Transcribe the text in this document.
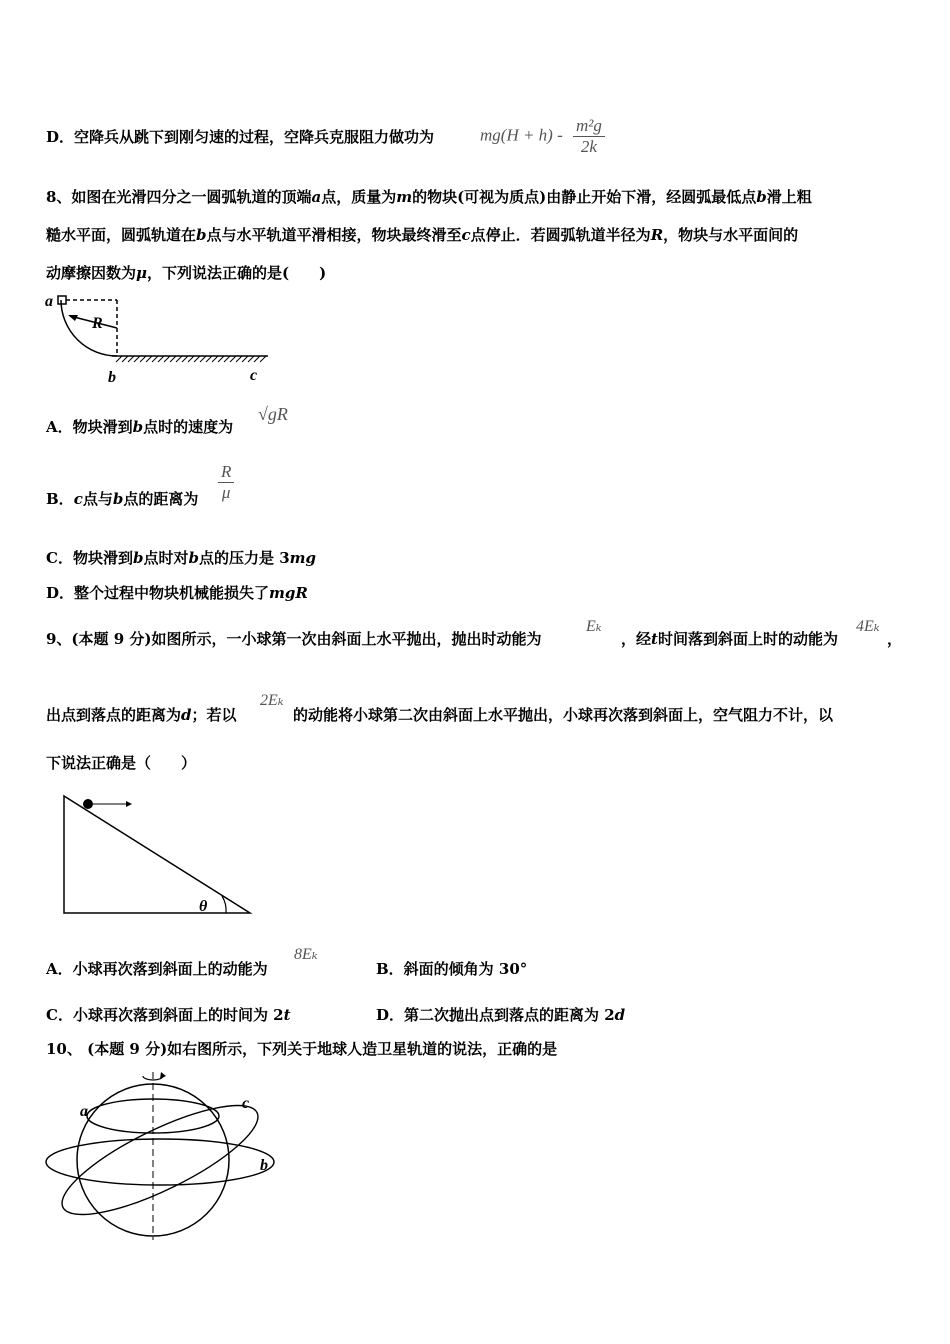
D．空降兵从跳下到刚匀速的过程，空降兵克服阻力做功为	$mg(H + h) - \frac{\text{m²g}}{2k}$
8、如图在光滑四分之一圆弧轨道的顶端a点，质量为m的物块(可视为质点)由静止开始下滑，经圆弧最低点b滑上粗
糙水平面，圆弧轨道在b点与水平轨道平滑相接，物块最终滑至c点停止．若圆弧轨道半径为R，物块与水平面间的
动摩擦因数为μ，下列说法正确的是(　　)
a
R
b	c
A．物块滑到b点时的速度为
√gR
B．c点与b点的距离为 $\frac{R}{\mu}$
C．物块滑到b点时对b点的压力是 3mg
D．整个过程中物块机械能损失了mgR
9、(本题 9 分)如图所示，一小球第一次由斜面上水平抛出，抛出时动能为
Eₖ
，经t时间落到斜面上时的动能为
4Eₖ
，
出点到落点的距离为d；若以
2Eₖ
的动能将小球第二次由斜面上水平抛出，小球再次落到斜面上，空气阻力不计，以
下说法正确是（　　）
θ
A．小球再次落到斜面上的动能为
8Eₖ
B．斜面的倾角为 30°
C．小球再次落到斜面上的时间为 2t	D．第二次抛出点到落点的距离为 2d
10、 (本题 9 分)如右图所示，下列关于地球人造卫星轨道的说法，正确的是
a
b
c
